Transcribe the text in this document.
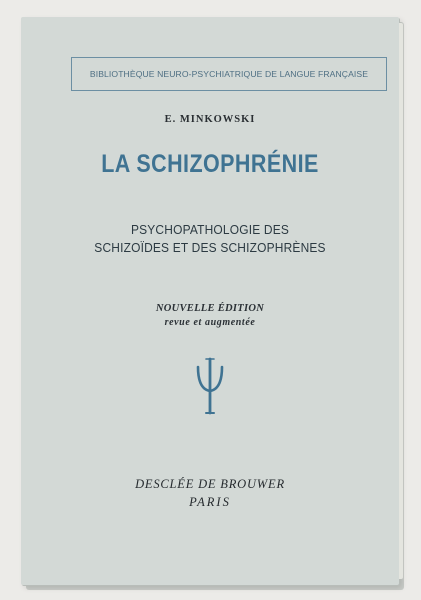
BIBLIOTHÈQUE NEURO-PSYCHIATRIQUE DE LANGUE FRANÇAISE
E. MINKOWSKI
LA SCHIZOPHRÉNIE
PSYCHOPATHOLOGIE DES
SCHIZOÏDES ET DES SCHIZOPHRÈNES
NOUVELLE ÉDITION
revue et augmentée
DESCLÉE DE BROUWER
PARIS
